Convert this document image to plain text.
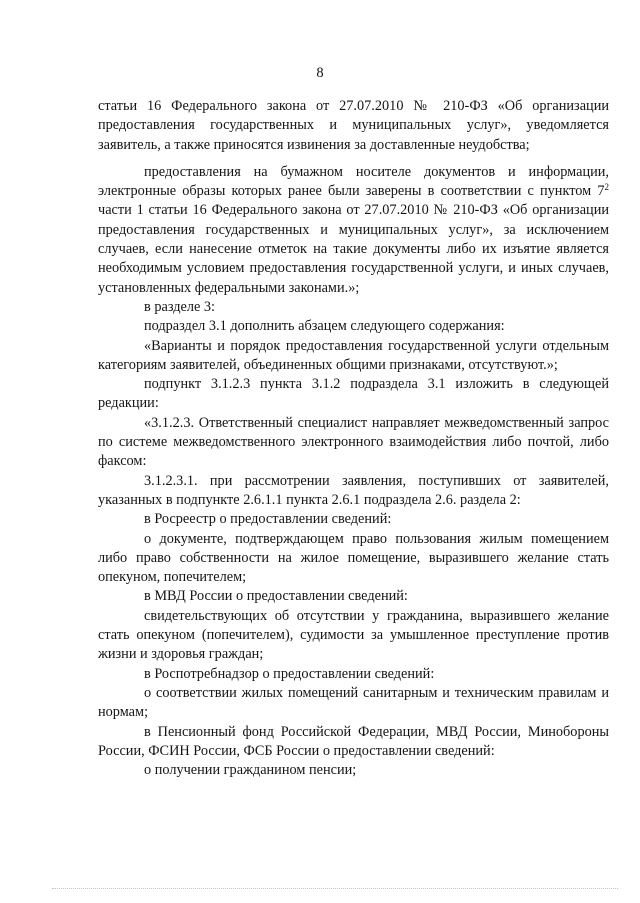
8

статьи 16 Федерального закона от 27.07.2010 № 210-ФЗ «Об организации предоставления государственных и муниципальных услуг», уведомляется заявитель, а также приносятся извинения за доставленные неудобства;

предоставления на бумажном носителе документов и информации, электронные образы которых ранее были заверены в соответствии с пунктом $7^2$ части 1 статьи 16 Федерального закона от 27.07.2010 № 210-ФЗ «Об организации предоставления государственных и муниципальных услуг», за исключением случаев, если нанесение отметок на такие документы либо их изъятие является необходимым условием предоставления государственной услуги, и иных случаев, установленных федеральными законами.»;

в разделе 3:

подраздел 3.1 дополнить абзацем следующего содержания:

«Варианты и порядок предоставления государственной услуги отдельным категориям заявителей, объединенных общими признаками, отсутствуют.»;

подпункт 3.1.2.3 пункта 3.1.2 подраздела 3.1 изложить в следующей редакции:

«3.1.2.3. Ответственный специалист направляет межведомственный запрос по системе межведомственного электронного взаимодействия либо почтой, либо факсом:

3.1.2.3.1. при рассмотрении заявления, поступивших от заявителей, указанных в подпункте 2.6.1.1 пункта 2.6.1 подраздела 2.6. раздела 2:

в Росреестр о предоставлении сведений:

о документе, подтверждающем право пользования жилым помещением либо право собственности на жилое помещение, выразившего желание стать опекуном, попечителем;

в МВД России о предоставлении сведений:

свидетельствующих об отсутствии у гражданина, выразившего желание стать опекуном (попечителем), судимости за умышленное преступление против жизни и здоровья граждан;

в Роспотребнадзор о предоставлении сведений:

о соответствии жилых помещений санитарным и техническим правилам и нормам;

в Пенсионный фонд Российской Федерации, МВД России, Минобороны России, ФСИН России, ФСБ России о предоставлении сведений:

о получении гражданином пенсии;
